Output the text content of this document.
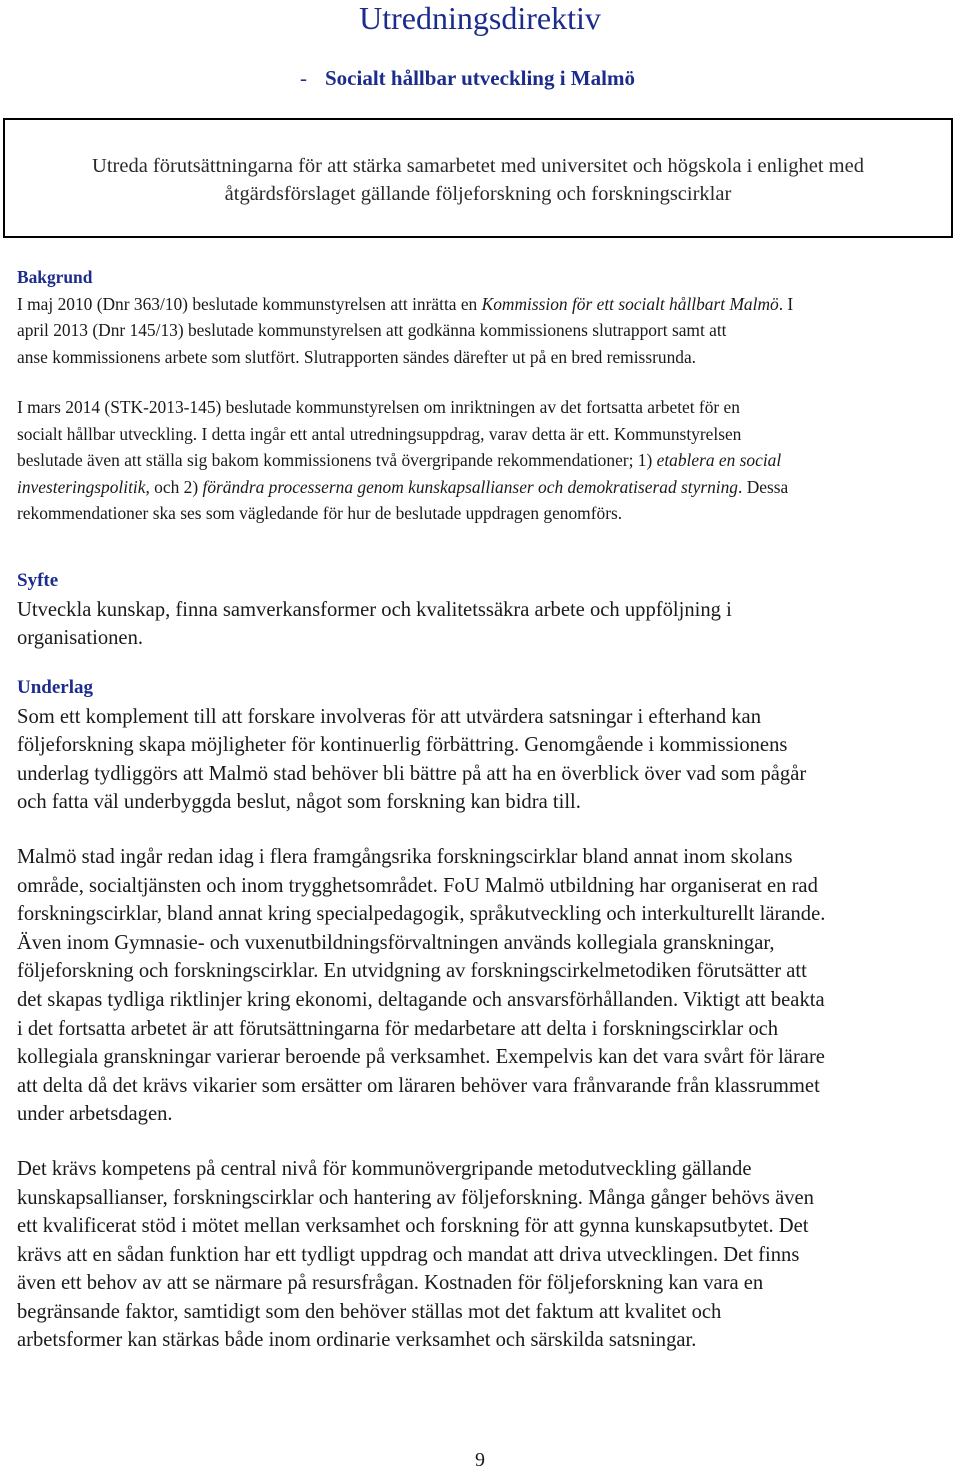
Utredningsdirektiv
- Socialt hållbar utveckling i Malmö

Utreda förutsättningarna för att stärka samarbetet med universitet och högskola i enlighet med
åtgärdsförslaget gällande följeforskning och forskningscirklar

Bakgrund

I maj 2010 (Dnr 363/10) beslutade kommunstyrelsen att inrätta en Kommission för ett socialt hållbart Malmö. I
april 2013 (Dnr 145/13) beslutade kommunstyrelsen att godkänna kommissionens slutrapport samt att
anse kommissionens arbete som slutfört. Slutrapporten sändes därefter ut på en bred remissrunda.

I mars 2014 (STK-2013-145) beslutade kommunstyrelsen om inriktningen av det fortsatta arbetet för en
socialt hållbar utveckling. I detta ingår ett antal utredningsuppdrag, varav detta är ett. Kommunstyrelsen
beslutade även att ställa sig bakom kommissionens två övergripande rekommendationer; 1) etablera en social
investeringspolitik, och 2) förändra processerna genom kunskapsallianser och demokratiserad styrning. Dessa
rekommendationer ska ses som vägledande för hur de beslutade uppdragen genomförs.

Syfte

Utveckla kunskap, finna samverkansformer och kvalitetssäkra arbete och uppföljning i
organisationen.

Underlag

Som ett komplement till att forskare involveras för att utvärdera satsningar i efterhand kan
följeforskning skapa möjligheter för kontinuerlig förbättring. Genomgående i kommissionens
underlag tydliggörs att Malmö stad behöver bli bättre på att ha en överblick över vad som pågår
och fatta väl underbyggda beslut, något som forskning kan bidra till.

Malmö stad ingår redan idag i flera framgångsrika forskningscirklar bland annat inom skolans
område, socialtjänsten och inom trygghetsområdet. FoU Malmö utbildning har organiserat en rad
forskningscirklar, bland annat kring specialpedagogik, språkutveckling och interkulturellt lärande.
Även inom Gymnasie- och vuxenutbildningsförvaltningen används kollegiala granskningar,
följeforskning och forskningscirklar. En utvidgning av forskningscirkelmetodiken förutsätter att
det skapas tydliga riktlinjer kring ekonomi, deltagande och ansvarsförhållanden. Viktigt att beakta
i det fortsatta arbetet är att förutsättningarna för medarbetare att delta i forskningscirklar och
kollegiala granskningar varierar beroende på verksamhet. Exempelvis kan det vara svårt för lärare
att delta då det krävs vikarier som ersätter om läraren behöver vara frånvarande från klassrummet
under arbetsdagen.

Det krävs kompetens på central nivå för kommunövergripande metodutveckling gällande
kunskapsallianser, forskningscirklar och hantering av följeforskning. Många gånger behövs även
ett kvalificerat stöd i mötet mellan verksamhet och forskning för att gynna kunskapsutbytet. Det
krävs att en sådan funktion har ett tydligt uppdrag och mandat att driva utvecklingen. Det finns
även ett behov av att se närmare på resursfrågan. Kostnaden för följeforskning kan vara en
begränsande faktor, samtidigt som den behöver ställas mot det faktum att kvalitet och
arbetsformer kan stärkas både inom ordinarie verksamhet och särskilda satsningar.

9
